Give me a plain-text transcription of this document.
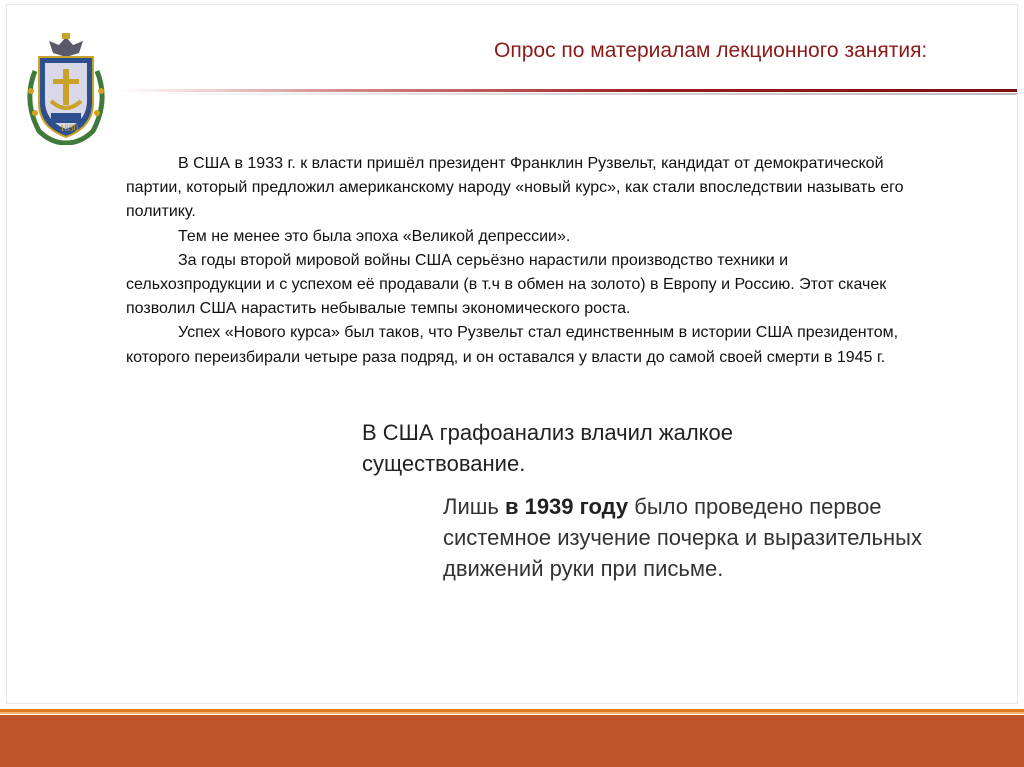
1830
Опрос по материалам лекционного занятия:

В США в 1933 г. к власти пришёл президент Франклин Рузвельт, кандидат от демократической партии, который предложил американскому народу «новый курс», как стали впоследствии называть его политику.

Тем не менее это была эпоха «Великой депрессии».

За годы второй мировой войны США серьёзно нарастили производство техники и сельхозпродукции и с успехом её продавали (в т.ч в обмен на золото) в Европу и Россию. Этот скачек позволил США нарастить небывалые темпы экономического роста.

Успех «Нового курса» был таков, что Рузвельт стал единственным в истории США президентом, которого переизбирали четыре раза подряд, и он оставался у власти до самой своей смерти в 1945 г.

В США графоанализ влачил жалкое существование.
Лишь в 1939 году было проведено первое системное изучение почерка и выразительных движений руки при письме.
